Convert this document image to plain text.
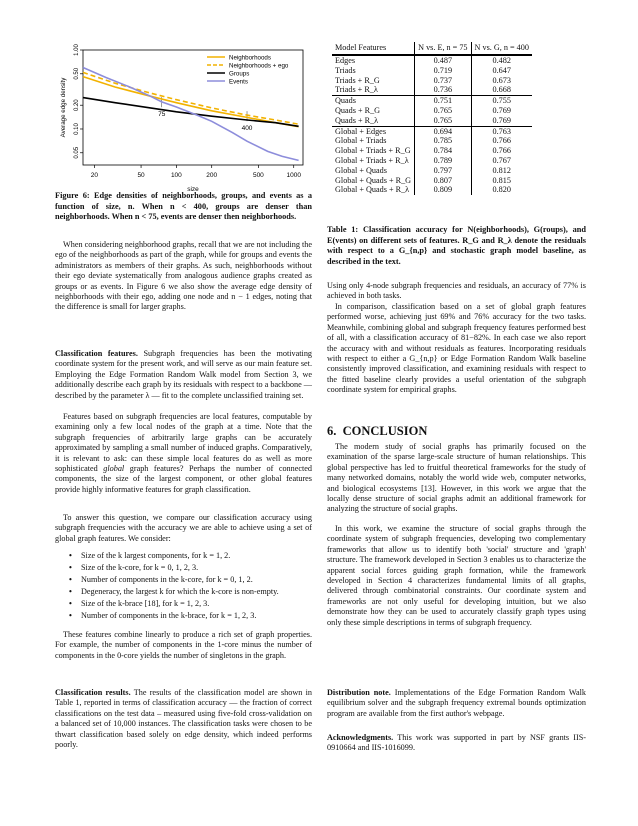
20	50	100	200	500	1000
0.05
0.10
0.20
0.50
1.00
size
Average edge density	75
400
Neighborhoods
Neighborhoods + ego
Groups
Events

Figure 6: Edge densities of neighborhoods, groups, and events as a function of size, n. When n < 400, groups are denser than neighborhoods. When n < 75, events are denser then neighborhoods.

When considering neighborhood graphs, recall that we are not including the ego of the neighborhoods as part of the graph, while for groups and events the administrators as members of their graphs. As such, neighborhoods without their ego deviate systematically from analogous audience graphs created as groups or as events. In Figure 6 we also show the average edge density of neighborhoods with their ego, adding one node and n − 1 edges, noting that the difference is small for larger graphs.

Classification features. Subgraph frequencies has been the motivating coordinate system for the present work, and will serve as our main feature set. Employing the Edge Formation Random Walk model from Section 3, we additionally describe each graph by its residuals with respect to a backbone — described by the parameter λ — fit to the complete unclassified training set.

Features based on subgraph frequencies are local features, computable by examining only a few local nodes of the graph at a time. Note that the subgraph frequencies of arbitrarily large graphs can be accurately approximated by sampling a small number of induced graphs. Comparatively, it is relevant to ask: can these simple local features do as well as more sophisticated global graph features? Perhaps the number of connected components, the size of the largest component, or other global features provide highly informative features for graph classification.

To answer this question, we compare our classification accuracy using subgraph frequencies with the accuracy we are able to achieve using a set of global graph features. We consider:

• Size of the k largest components, for k = 1, 2.
• Size of the k-core, for k = 0, 1, 2, 3.
• Number of components in the k-core, for k = 0, 1, 2.
• Degeneracy, the largest k for which the k-core is non-empty.
• Size of the k-brace [18], for k = 1, 2, 3.
• Number of components in the k-brace, for k = 1, 2, 3.

These features combine linearly to produce a rich set of graph properties. For example, the number of components in the 1-core minus the number of components in the 0-core yields the number of singletons in the graph.

Classification results. The results of the classification model are shown in Table 1, reported in terms of classification accuracy — the fraction of correct classifications on the test data – measured using five-fold cross-validation on a balanced set of 10,000 instances. The classification tasks were chosen to be thwart classification based solely on edge density, which indeed performs poorly.

Model Features	N vs. E, n = 75	N vs. G, n = 400
Edges	0.487	0.482
Triads	0.719	0.647
Triads + R_G	0.737	0.673
Triads + R_λ	0.736	0.668
Quads	0.751	0.755
Quads + R_G	0.765	0.769
Quads + R_λ	0.765	0.769
Global + Edges	0.694	0.763
Global + Triads	0.785	0.766
Global + Triads + R_G	0.784	0.766
Global + Triads + R_λ	0.789	0.767
Global + Quads	0.797	0.812
Global + Quads + R_G	0.807	0.815
Global + Quads + R_λ	0.809	0.820

Table 1: Classification accuracy for N(eighborhoods), G(roups), and E(vents) on different sets of features. R_G and R_λ denote the residuals with respect to a G_{n,p} and stochastic graph model baseline, as described in the text.

Using only 4-node subgraph frequencies and residuals, an accuracy of 77% is achieved in both tasks.

In comparison, classification based on a set of global graph features performed worse, achieving just 69% and 76% accuracy for the two tasks. Meanwhile, combining global and subgraph frequency features performed best of all, with a classification accuracy of 81−82%. In each case we also report the accuracy with and without residuals as features. Incorporating residuals with respect to either a G_{n,p} or Edge Formation Random Walk baseline consistently improved classification, and examining residuals with respect to the fitted baseline clearly provides a useful orientation of the subgraph coordinate system for empirical graphs.

6. CONCLUSION

The modern study of social graphs has primarily focused on the examination of the sparse large-scale structure of human relationships. This global perspective has led to fruitful theoretical frameworks for the study of many networked domains, notably the world wide web, computer networks, and biological ecosystems [13]. However, in this work we argue that the locally dense structure of social graphs admit an additional framework for analyzing the structure of social graphs.

In this work, we examine the structure of social graphs through the coordinate system of subgraph frequencies, developing two complementary frameworks that allow us to identify both 'social' structure and 'graph' structure. The framework developed in Section 3 enables us to characterize the apparent social forces guiding graph formation, while the framework developed in Section 4 characterizes fundamental limits of all graphs, delivered through combinatorial constraints. Our coordinate system and frameworks are not only useful for developing intuition, but we also demonstrate how they can be used to accurately classify graph types using only these simple descriptions in terms of subgraph frequency.

Distribution note. Implementations of the Edge Formation Random Walk equilibrium solver and the subgraph frequency extremal bounds optimization program are available from the first author's webpage.

Acknowledgments. This work was supported in part by NSF grants IIS-0910664 and IIS-1016099.
